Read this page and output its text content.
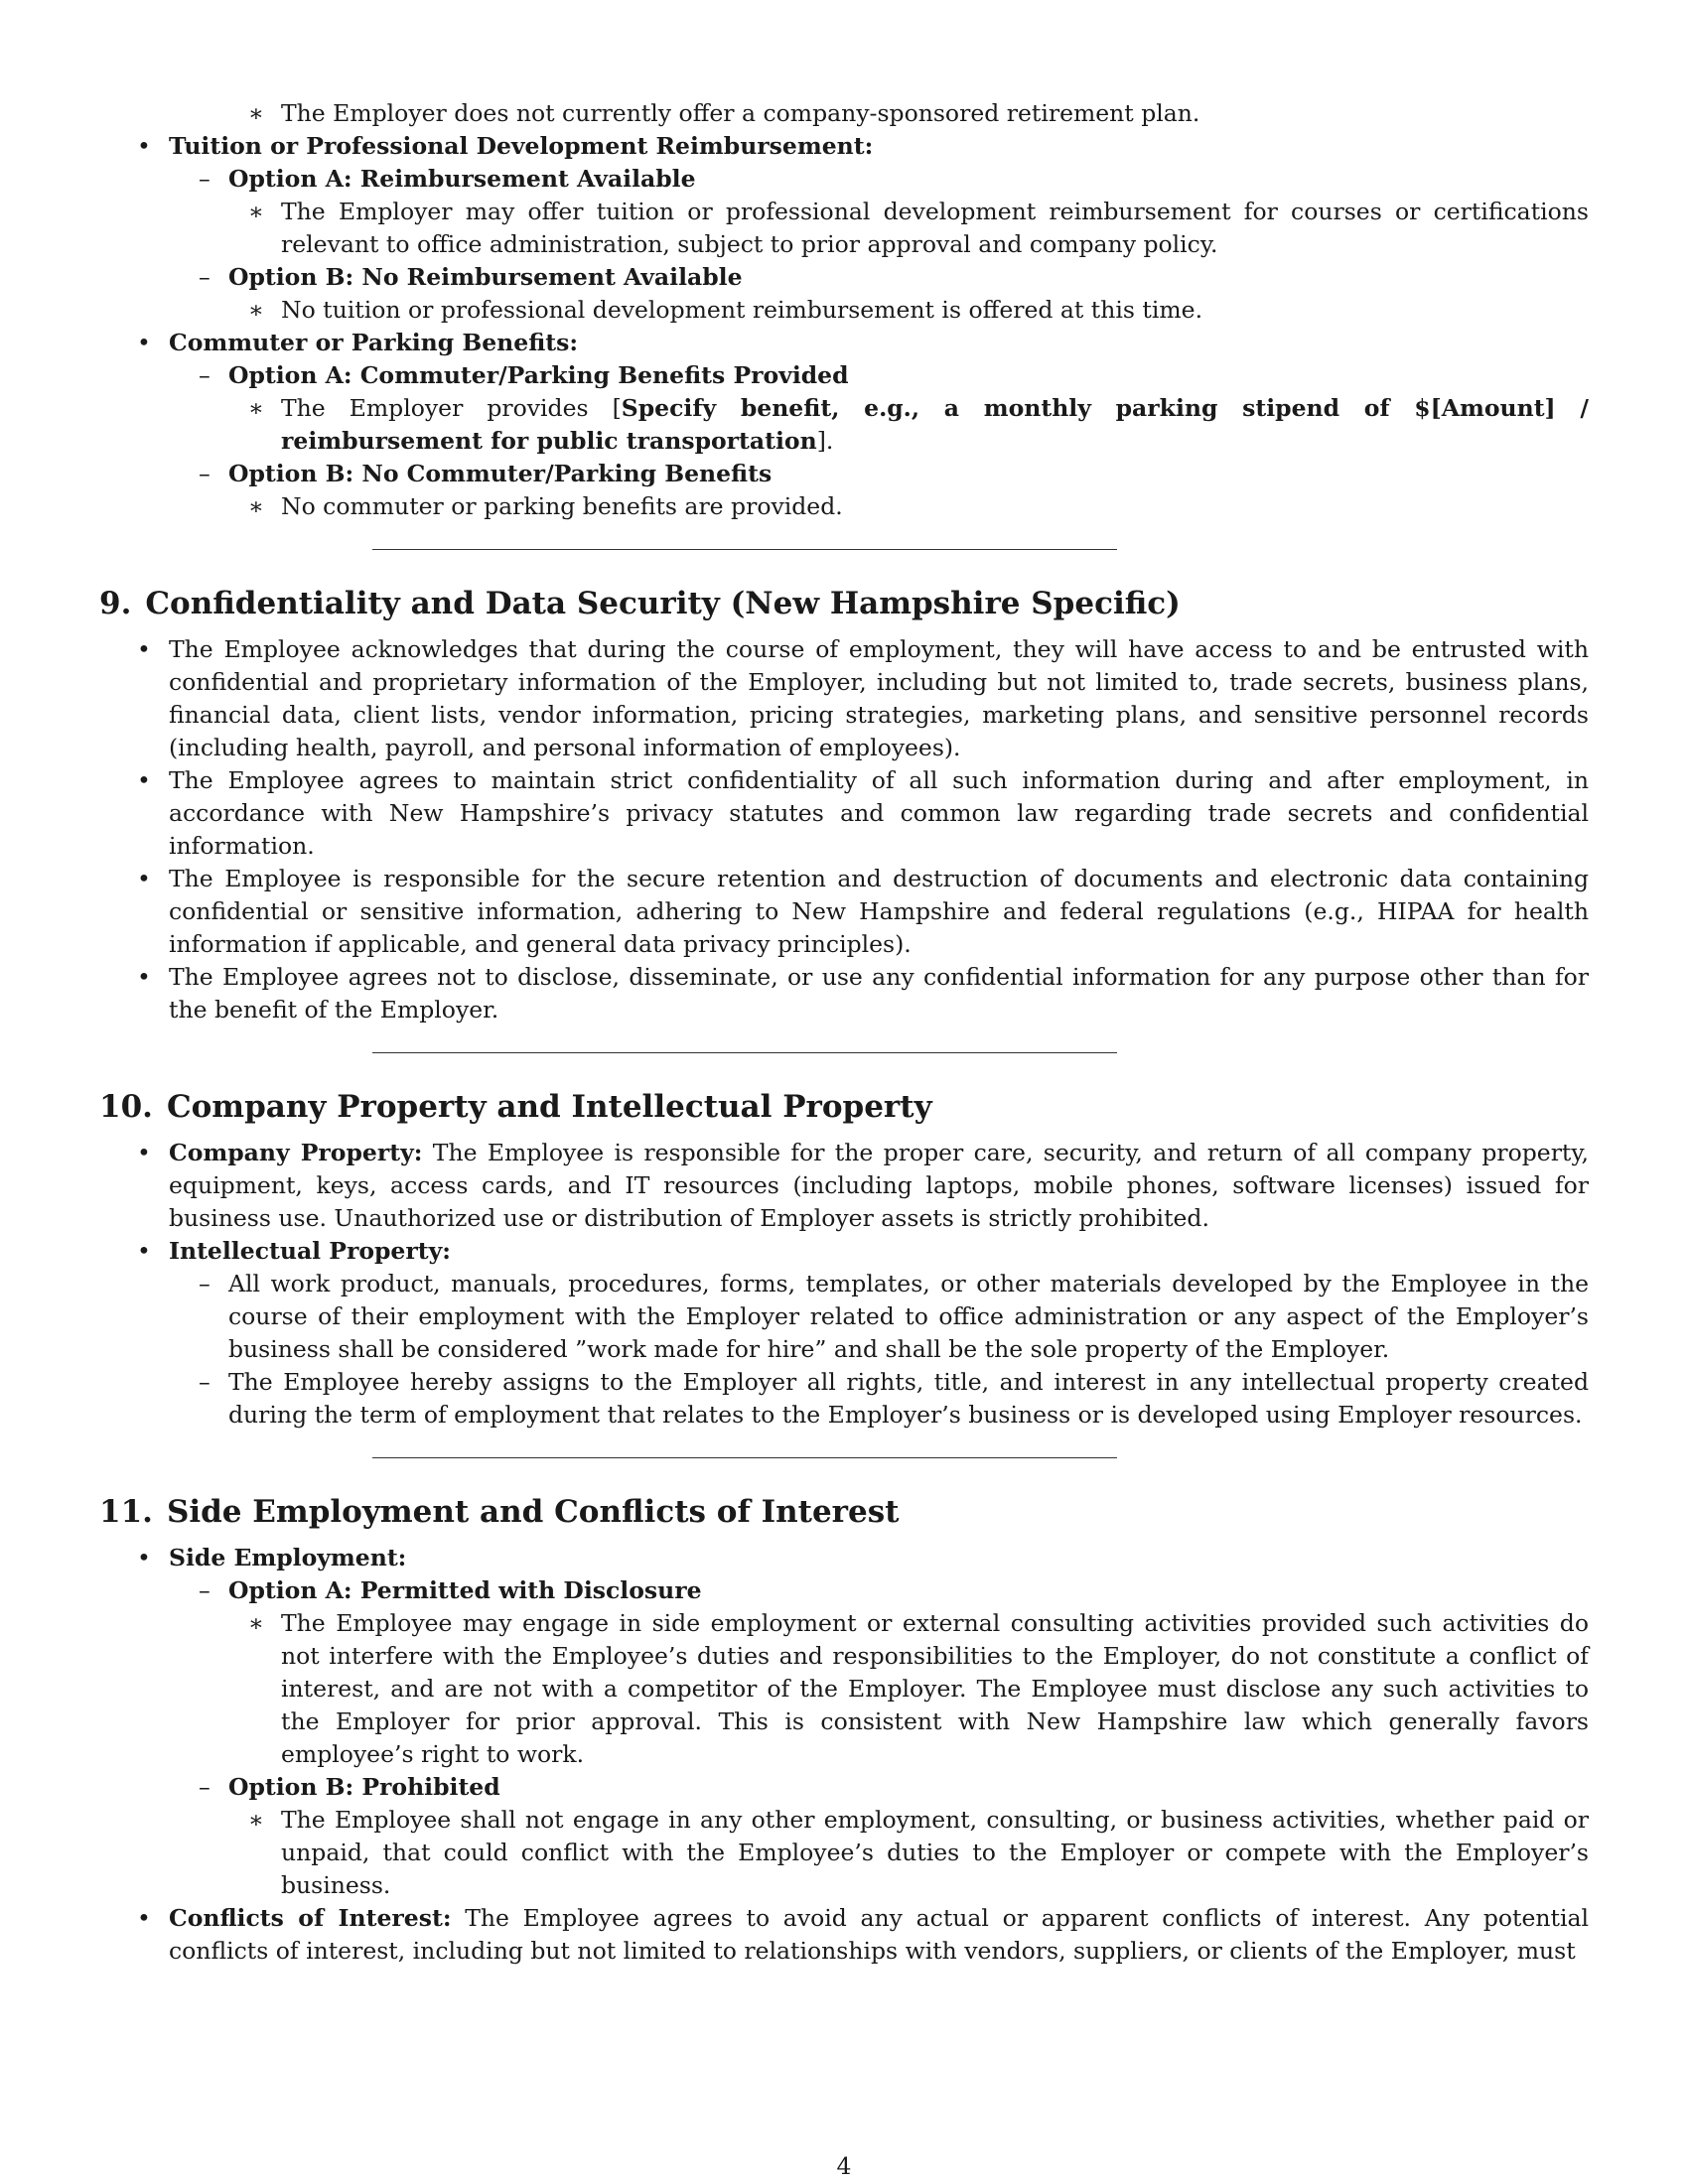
∗ The Employer does not currently offer a company-sponsored retirement plan.
• Tuition or Professional Development Reimbursement:
– Option A: Reimbursement Available
∗ The Employer may offer tuition or professional development reimbursement for courses or certifications relevant to office administration, subject to prior approval and company policy.
– Option B: No Reimbursement Available
∗ No tuition or professional development reimbursement is offered at this time.
• Commuter or Parking Benefits:
– Option A: Commuter/Parking Benefits Provided
∗ The Employer provides [Specify benefit, e.g., a monthly parking stipend of $[Amount] / reimbursement for public transportation].
– Option B: No Commuter/Parking Benefits
∗ No commuter or parking benefits are provided.
9. Confidentiality and Data Security (New Hampshire Specific)
• The Employee acknowledges that during the course of employment, they will have access to and be entrusted with confidential and proprietary information of the Employer, including but not limited to, trade secrets, business plans, financial data, client lists, vendor information, pricing strategies, marketing plans, and sensitive personnel records (including health, payroll, and personal information of employees).
• The Employee agrees to maintain strict confidentiality of all such information during and after employment, in accordance with New Hampshire’s privacy statutes and common law regarding trade secrets and confidential information.
• The Employee is responsible for the secure retention and destruction of documents and electronic data containing confidential or sensitive information, adhering to New Hampshire and federal regulations (e.g., HIPAA for health information if applicable, and general data privacy principles).
• The Employee agrees not to disclose, disseminate, or use any confidential information for any purpose other than for the benefit of the Employer.
10. Company Property and Intellectual Property
• Company Property: The Employee is responsible for the proper care, security, and return of all company property, equipment, keys, access cards, and IT resources (including laptops, mobile phones, software licenses) issued for business use. Unauthorized use or distribution of Employer assets is strictly prohibited.
• Intellectual Property:
– All work product, manuals, procedures, forms, templates, or other materials developed by the Employee in the course of their employment with the Employer related to office administration or any aspect of the Employer’s business shall be considered ”work made for hire” and shall be the sole property of the Employer.
– The Employee hereby assigns to the Employer all rights, title, and interest in any intellectual property created during the term of employment that relates to the Employer’s business or is developed using Employer resources.
11. Side Employment and Conflicts of Interest
• Side Employment:
– Option A: Permitted with Disclosure
∗ The Employee may engage in side employment or external consulting activities provided such activities do not interfere with the Employee’s duties and responsibilities to the Employer, do not constitute a conflict of interest, and are not with a competitor of the Employer. The Employee must disclose any such activities to the Employer for prior approval. This is consistent with New Hampshire law which generally favors employee’s right to work.
– Option B: Prohibited
∗ The Employee shall not engage in any other employment, consulting, or business activities, whether paid or unpaid, that could conflict with the Employee’s duties to the Employer or compete with the Employer’s business.
• Conflicts of Interest: The Employee agrees to avoid any actual or apparent conflicts of interest. Any potential conflicts of interest, including but not limited to relationships with vendors, suppliers, or clients of the Employer, must
4
